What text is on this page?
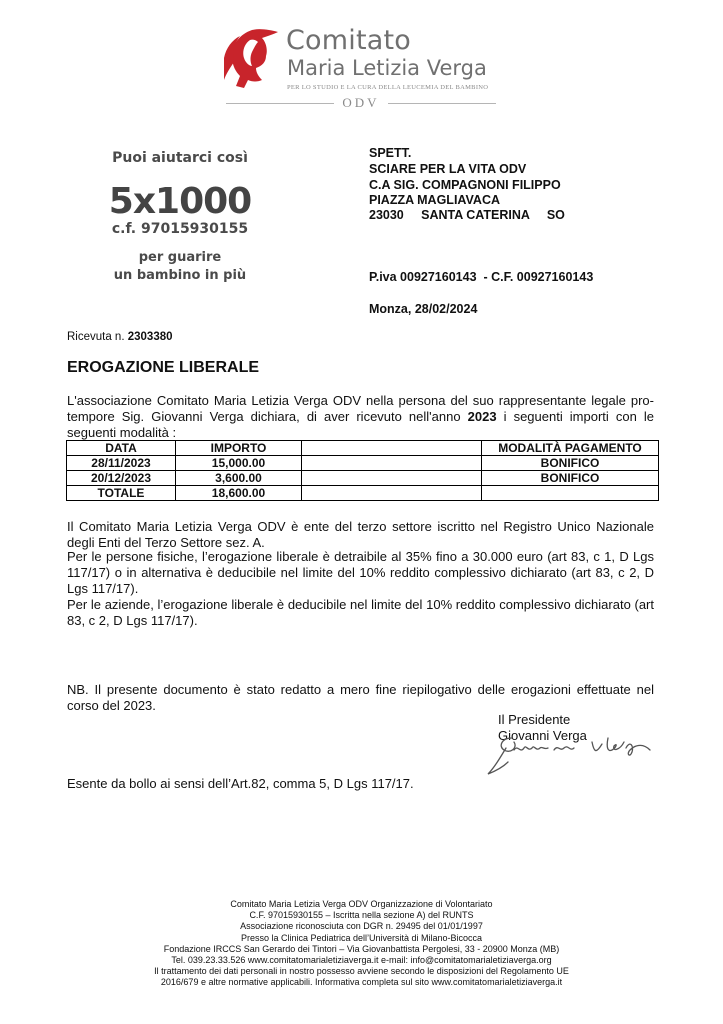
Comitato
Maria Letizia Verga
PER LO STUDIO E LA CURA DELLA LEUCEMIA DEL BAMBINO
ODV
Puoi aiutarci così
5x1000
c.f. 97015930155
per guarire
un bambino in più
SPETT.
SCIARE PER LA VITA ODV
C.A SIG. COMPAGNONI FILIPPO
PIAZZA MAGLIAVACA
23030     SANTA CATERINA     SO
P.iva 00927160143  - C.F. 00927160143
Monza, 28/02/2024
Ricevuta n. 2303380
EROGAZIONE LIBERALE
L'associazione Comitato Maria Letizia Verga ODV nella persona del suo rappresentante legale pro-tempore Sig. Giovanni Verga dichiara, di aver ricevuto nell'anno 2023 i seguenti importi con le seguenti modalità :
DATA	IMPORTO		MODALITÀ PAGAMENTO
28/11/2023	15,000.00		BONIFICO
20/12/2023	3,600.00		BONIFICO
TOTALE	18,600.00		
Il Comitato Maria Letizia Verga ODV è ente del terzo settore iscritto nel Registro Unico Nazionale degli Enti del Terzo Settore sez. A.
Per le persone fisiche, l’erogazione liberale è detraibile al 35% fino a 30.000 euro (art 83, c 1, D Lgs 117/17) o in alternativa è deducibile nel limite del 10% reddito complessivo dichiarato (art 83, c 2, D Lgs 117/17).
Per le aziende, l’erogazione liberale è deducibile nel limite del 10% reddito complessivo dichiarato (art 83, c 2, D Lgs 117/17).
NB. Il presente documento è stato redatto a mero fine riepilogativo delle erogazioni effettuate nel corso del 2023.
Il Presidente
Giovanni Verga
Esente da bollo ai sensi dell’Art.82, comma 5, D Lgs 117/17.
Comitato Maria Letizia Verga ODV Organizzazione di Volontariato
C.F. 97015930155 – Iscritta nella sezione A) del RUNTS
Associazione riconosciuta con DGR n. 29495 del 01/01/1997
Presso la Clinica Pediatrica dell’Università di Milano-Bicocca
Fondazione IRCCS San Gerardo dei Tintori – Via Giovanbattista Pergolesi, 33 - 20900 Monza (MB)
Tel. 039.23.33.526 www.comitatomarialetiziaverga.it e-mail: info@comitatomarialetiziaverga.org
Il trattamento dei dati personali in nostro possesso avviene secondo le disposizioni del Regolamento UE
2016/679 e altre normative applicabili. Informativa completa sul sito www.comitatomarialetiziaverga.it
